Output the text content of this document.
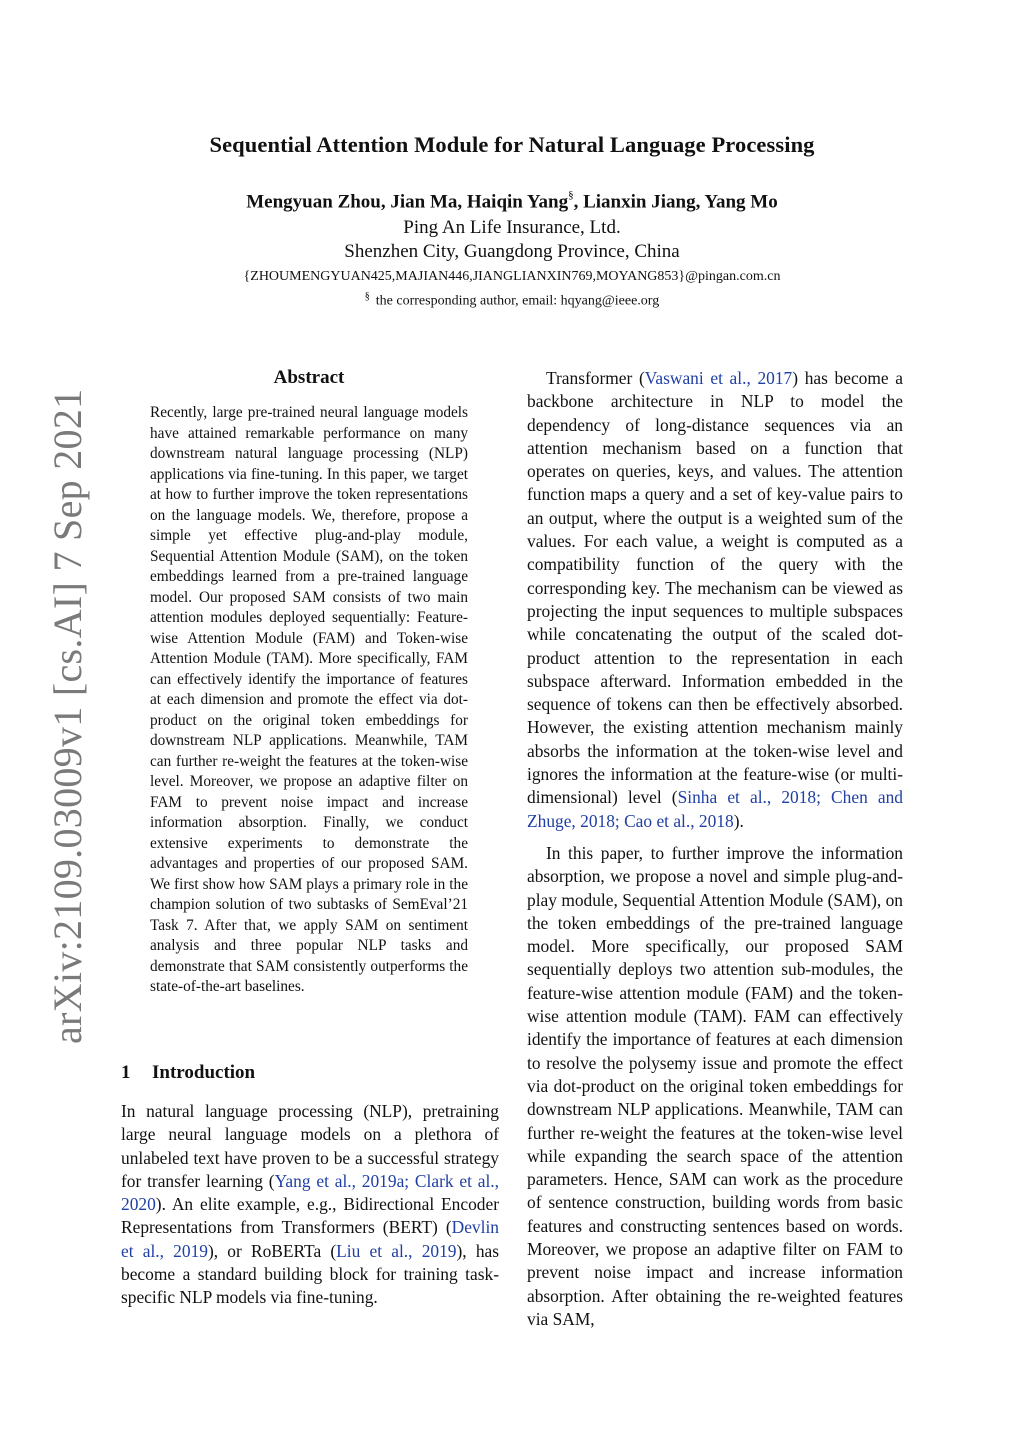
Sequential Attention Module for Natural Language Processing
Mengyuan Zhou, Jian Ma, Haiqin Yang§, Lianxin Jiang, Yang Mo
Ping An Life Insurance, Ltd.
Shenzhen City, Guangdong Province, China
{ZHOUMENGYUAN425,MAJIAN446,JIANGLIANXIN769,MOYANG853}@pingan.com.cn
§ the corresponding author, email: hqyang@ieee.org
arXiv:2109.03009v1 [cs.AI] 7 Sep 2021
Abstract

Recently, large pre-trained neural language models have attained remarkable performance on many downstream natural language processing (NLP) applications via fine-tuning. In this paper, we target at how to further improve the token representations on the language models. We, therefore, propose a simple yet effective plug-and-play module, Sequential Attention Module (SAM), on the token embeddings learned from a pre-trained language model. Our proposed SAM consists of two main attention modules deployed sequentially: Feature-wise Attention Module (FAM) and Token-wise Attention Module (TAM). More specifically, FAM can effectively identify the importance of features at each dimension and promote the effect via dot-product on the original token embeddings for downstream NLP applications. Meanwhile, TAM can further re-weight the features at the token-wise level. Moreover, we propose an adaptive filter on FAM to prevent noise impact and increase information absorption. Finally, we conduct extensive experiments to demonstrate the advantages and properties of our proposed SAM. We first show how SAM plays a primary role in the champion solution of two subtasks of SemEval’21 Task 7. After that, we apply SAM on sentiment analysis and three popular NLP tasks and demonstrate that SAM consistently outperforms the state-of-the-art baselines.

1 Introduction

In natural language processing (NLP), pretraining large neural language models on a plethora of unlabeled text have proven to be a successful strategy for transfer learning (Yang et al., 2019a; Clark et al., 2020). An elite example, e.g., Bidirectional Encoder Representations from Transformers (BERT) (Devlin et al., 2019), or RoBERTa (Liu et al., 2019), has become a standard building block for training task-specific NLP models via fine-tuning.

Transformer (Vaswani et al., 2017) has become a backbone architecture in NLP to model the dependency of long-distance sequences via an attention mechanism based on a function that operates on queries, keys, and values. The attention function maps a query and a set of key-value pairs to an output, where the output is a weighted sum of the values. For each value, a weight is computed as a compatibility function of the query with the corresponding key. The mechanism can be viewed as projecting the input sequences to multiple subspaces while concatenating the output of the scaled dot-product attention to the representation in each subspace afterward. Information embedded in the sequence of tokens can then be effectively absorbed. However, the existing attention mechanism mainly absorbs the information at the token-wise level and ignores the information at the feature-wise (or multi-dimensional) level (Sinha et al., 2018; Chen and Zhuge, 2018; Cao et al., 2018).

In this paper, to further improve the information absorption, we propose a novel and simple plug-and-play module, Sequential Attention Module (SAM), on the token embeddings of the pre-trained language model. More specifically, our proposed SAM sequentially deploys two attention sub-modules, the feature-wise attention module (FAM) and the token-wise attention module (TAM). FAM can effectively identify the importance of features at each dimension to resolve the polysemy issue and promote the effect via dot-product on the original token embeddings for downstream NLP applications. Meanwhile, TAM can further re-weight the features at the token-wise level while expanding the search space of the attention parameters. Hence, SAM can work as the procedure of sentence construction, building words from basic features and constructing sentences based on words. Moreover, we propose an adaptive filter on FAM to prevent noise impact and increase information absorption. After obtaining the re-weighted features via SAM,
